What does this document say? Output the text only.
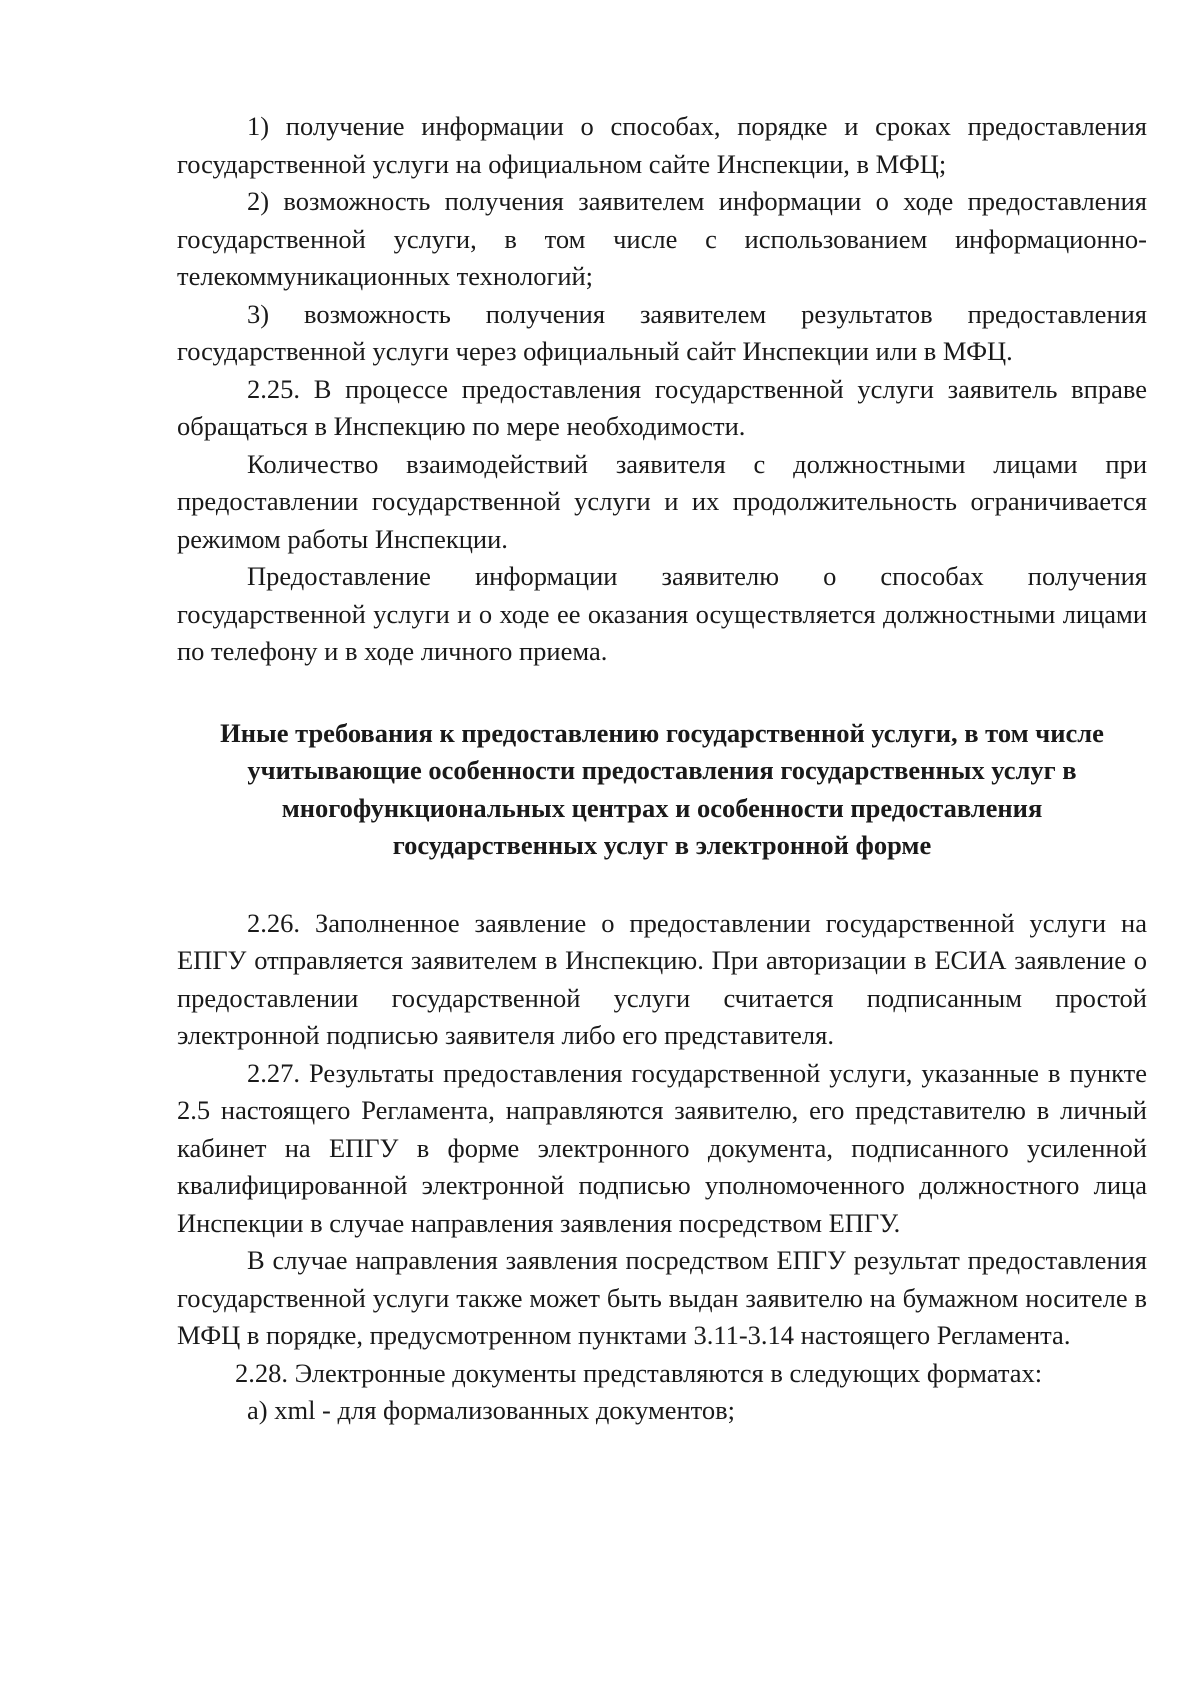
1) получение информации о способах, порядке и сроках предоставления государственной услуги на официальном сайте Инспекции, в МФЦ;

2) возможность получения заявителем информации о ходе предоставления государственной услуги, в том числе с использованием информационно-телекоммуникационных технологий;

3) возможность получения заявителем результатов предоставления государственной услуги через официальный сайт Инспекции или в МФЦ.

2.25. В процессе предоставления государственной услуги заявитель вправе обращаться в Инспекцию по мере необходимости.

Количество взаимодействий заявителя с должностными лицами при предоставлении государственной услуги и их продолжительность ограничивается режимом работы Инспекции.

Предоставление информации заявителю о способах получения государственной услуги и о ходе ее оказания осуществляется должностными лицами по телефону и в ходе личного приема.

Иные требования к предоставлению государственной услуги, в том числе учитывающие особенности предоставления государственных услуг в многофункциональных центрах и особенности предоставления государственных услуг в электронной форме

2.26. Заполненное заявление о предоставлении государственной услуги на ЕПГУ отправляется заявителем в Инспекцию. При авторизации в ЕСИА заявление о предоставлении государственной услуги считается подписанным простой электронной подписью заявителя либо его представителя.

2.27. Результаты предоставления государственной услуги, указанные в пункте 2.5 настоящего Регламента, направляются заявителю, его представителю в личный кабинет на ЕПГУ в форме электронного документа, подписанного усиленной квалифицированной электронной подписью уполномоченного должностного лица Инспекции в случае направления заявления посредством ЕПГУ.

В случае направления заявления посредством ЕПГУ результат предоставления государственной услуги также может быть выдан заявителю на бумажном носителе в МФЦ в порядке, предусмотренном пунктами 3.11-3.14 настоящего Регламента.

2.28. Электронные документы представляются в следующих форматах:

а) xml - для формализованных документов;
